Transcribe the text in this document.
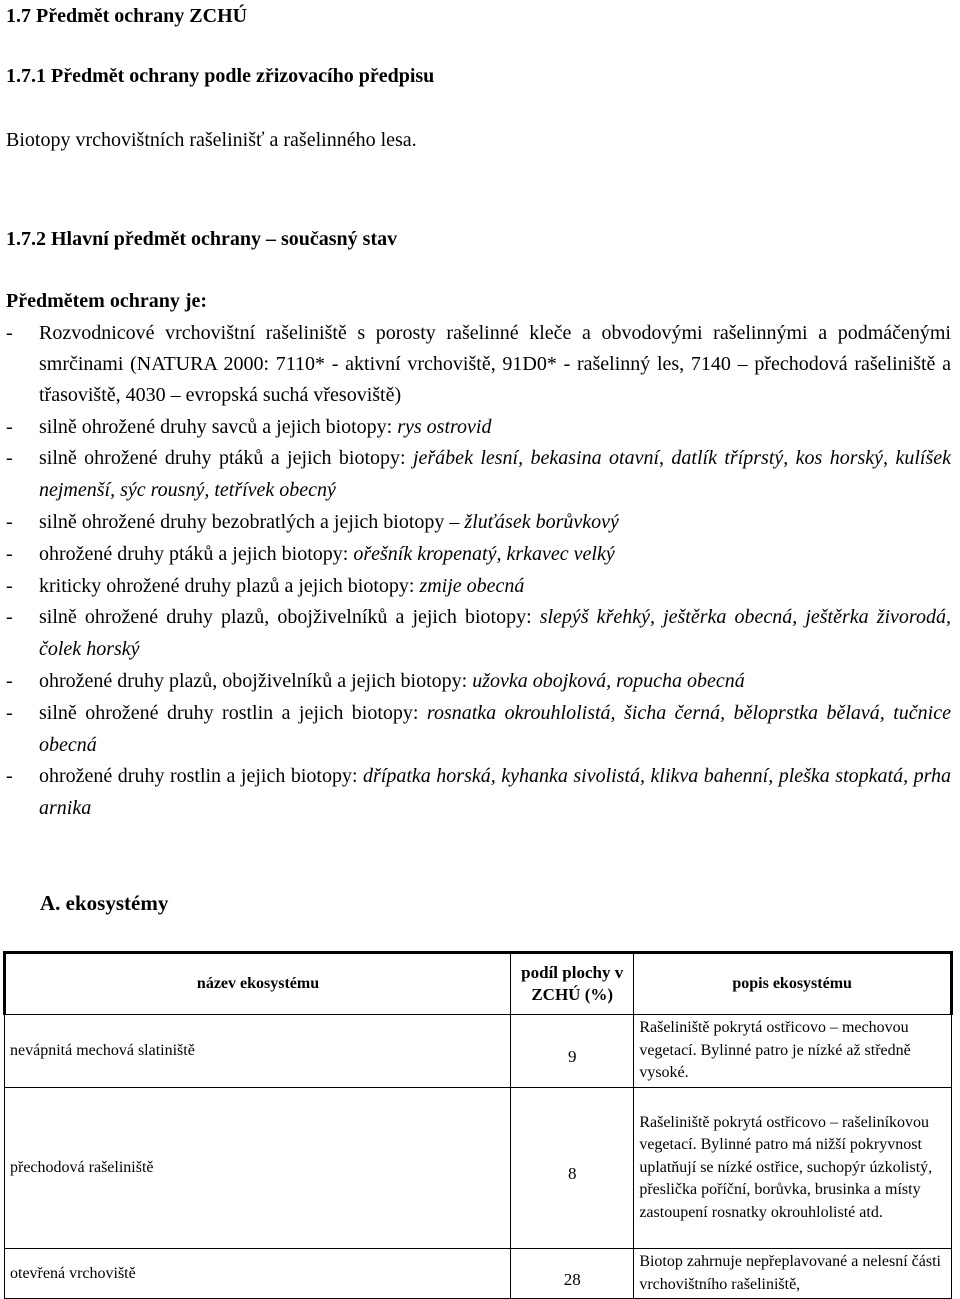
1.7 Předmět ochrany ZCHÚ
1.7.1 Předmět ochrany podle zřizovacího předpisu
Biotopy vrchovištních rašelinišť a rašelinného lesa.
1.7.2 Hlavní předmět ochrany – současný stav
Předmětem ochrany je:
-	Rozvodnicové vrchovištní rašeliniště s porosty rašelinné kleče a obvodovými rašelinnými a podmáčenými smrčinami (NATURA 2000: 7110* - aktivní vrchoviště, 91D0* - rašelinný les, 7140 – přechodová rašeliniště a třasoviště, 4030 – evropská suchá vřesoviště)
-	silně ohrožené druhy savců a jejich biotopy: rys ostrovid
-	silně ohrožené druhy ptáků a jejich biotopy: jeřábek lesní, bekasina otavní, datlík tříprstý, kos horský, kulíšek nejmenší, sýc rousný, tetřívek obecný
-	silně ohrožené druhy bezobratlých a jejich biotopy – žluťásek borůvkový
-	ohrožené druhy ptáků a jejich biotopy: ořešník kropenatý, krkavec velký
-	kriticky ohrožené druhy plazů a jejich biotopy: zmije obecná
-	silně ohrožené druhy plazů, obojživelníků a jejich biotopy: slepýš křehký, ještěrka obecná, ještěrka živorodá, čolek horský
-	ohrožené druhy plazů, obojživelníků a jejich biotopy: užovka obojková, ropucha obecná
-	silně ohrožené druhy rostlin a jejich biotopy: rosnatka okrouhlolistá, šicha černá, běloprstka bělavá, tučnice obecná
-	ohrožené druhy rostlin a jejich biotopy: dřípatka horská, kyhanka sivolistá, klikva bahenní, pleška stopkatá, prha arnika
A. ekosystémy
název ekosystému	podíl plochy v ZCHÚ (%)	popis ekosystému
nevápnitá mechová slatiniště	9	Rašeliniště pokrytá ostřicovo – mechovou vegetací. Bylinné patro je nízké až středně vysoké.
přechodová rašeliniště	8	Rašeliniště pokrytá ostřicovo – rašeliníkovou vegetací. Bylinné patro má nižší pokryvnost uplatňují se nízké ostřice, suchopýr úzkolistý, přeslička poříční, borůvka, brusinka a místy zastoupení rosnatky okrouhlolisté atd.
otevřená vrchoviště	28	Biotop zahrnuje nepřeplavované a nelesní části vrchovištního rašeliniště,
